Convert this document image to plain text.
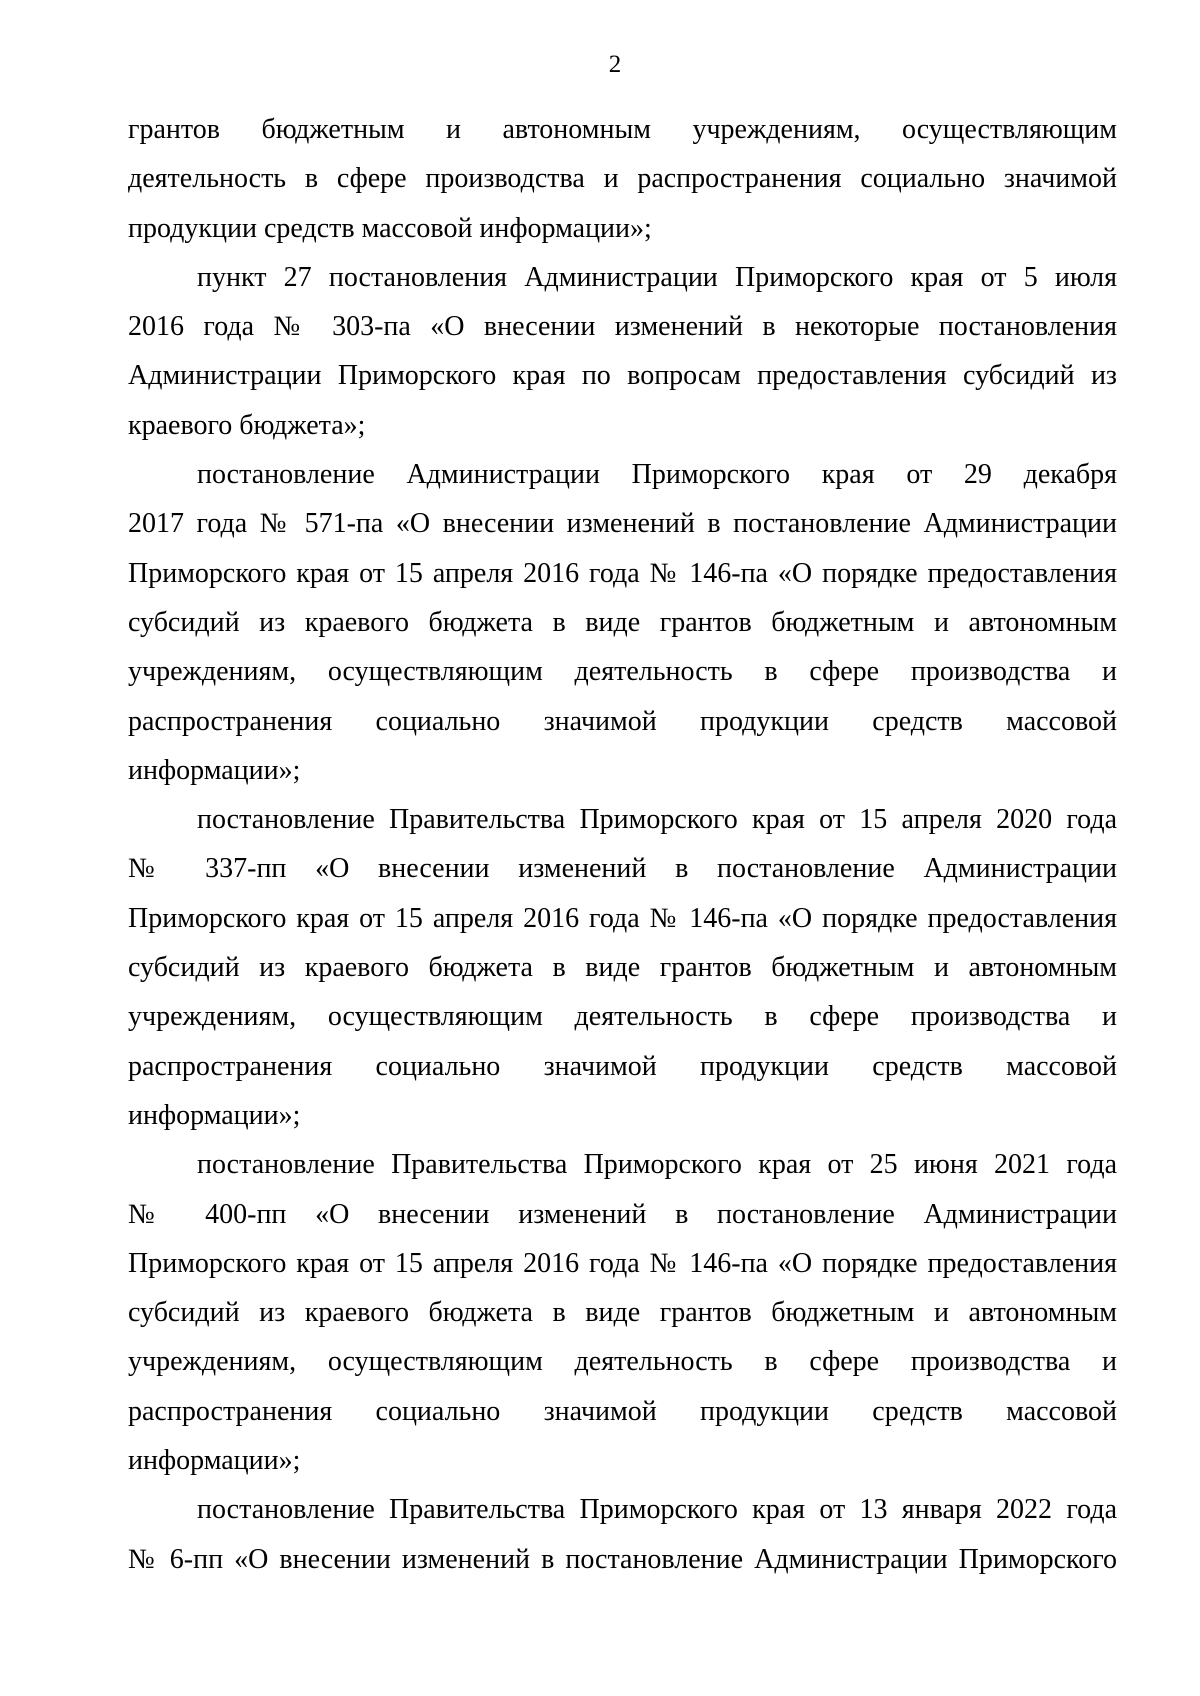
2
грантов бюджетным и автономным учреждениям, осуществляющим
деятельность в сфере производства и распространения социально значимой
продукции средств массовой информации»;
пункт 27 постановления Администрации Приморского края от 5 июля
2016 года № 303-па «О внесении изменений в некоторые постановления
Администрации Приморского края по вопросам предоставления субсидий из
краевого бюджета»;
постановление Администрации Приморского края от 29 декабря
2017 года № 571-па «О внесении изменений в постановление Администрации
Приморского края от 15 апреля 2016 года № 146-па «О порядке предоставления
субсидий из краевого бюджета в виде грантов бюджетным и автономным
учреждениям, осуществляющим деятельность в сфере производства и
распространения социально значимой продукции средств массовой
информации»;
постановление Правительства Приморского края от 15 апреля 2020 года
№ 337-пп «О внесении изменений в постановление Администрации
Приморского края от 15 апреля 2016 года № 146-па «О порядке предоставления
субсидий из краевого бюджета в виде грантов бюджетным и автономным
учреждениям, осуществляющим деятельность в сфере производства и
распространения социально значимой продукции средств массовой
информации»;
постановление Правительства Приморского края от 25 июня 2021 года
№ 400-пп «О внесении изменений в постановление Администрации
Приморского края от 15 апреля 2016 года № 146-па «О порядке предоставления
субсидий из краевого бюджета в виде грантов бюджетным и автономным
учреждениям, осуществляющим деятельность в сфере производства и
распространения социально значимой продукции средств массовой
информации»;
постановление Правительства Приморского края от 13 января 2022 года
№ 6-пп «О внесении изменений в постановление Администрации Приморского
